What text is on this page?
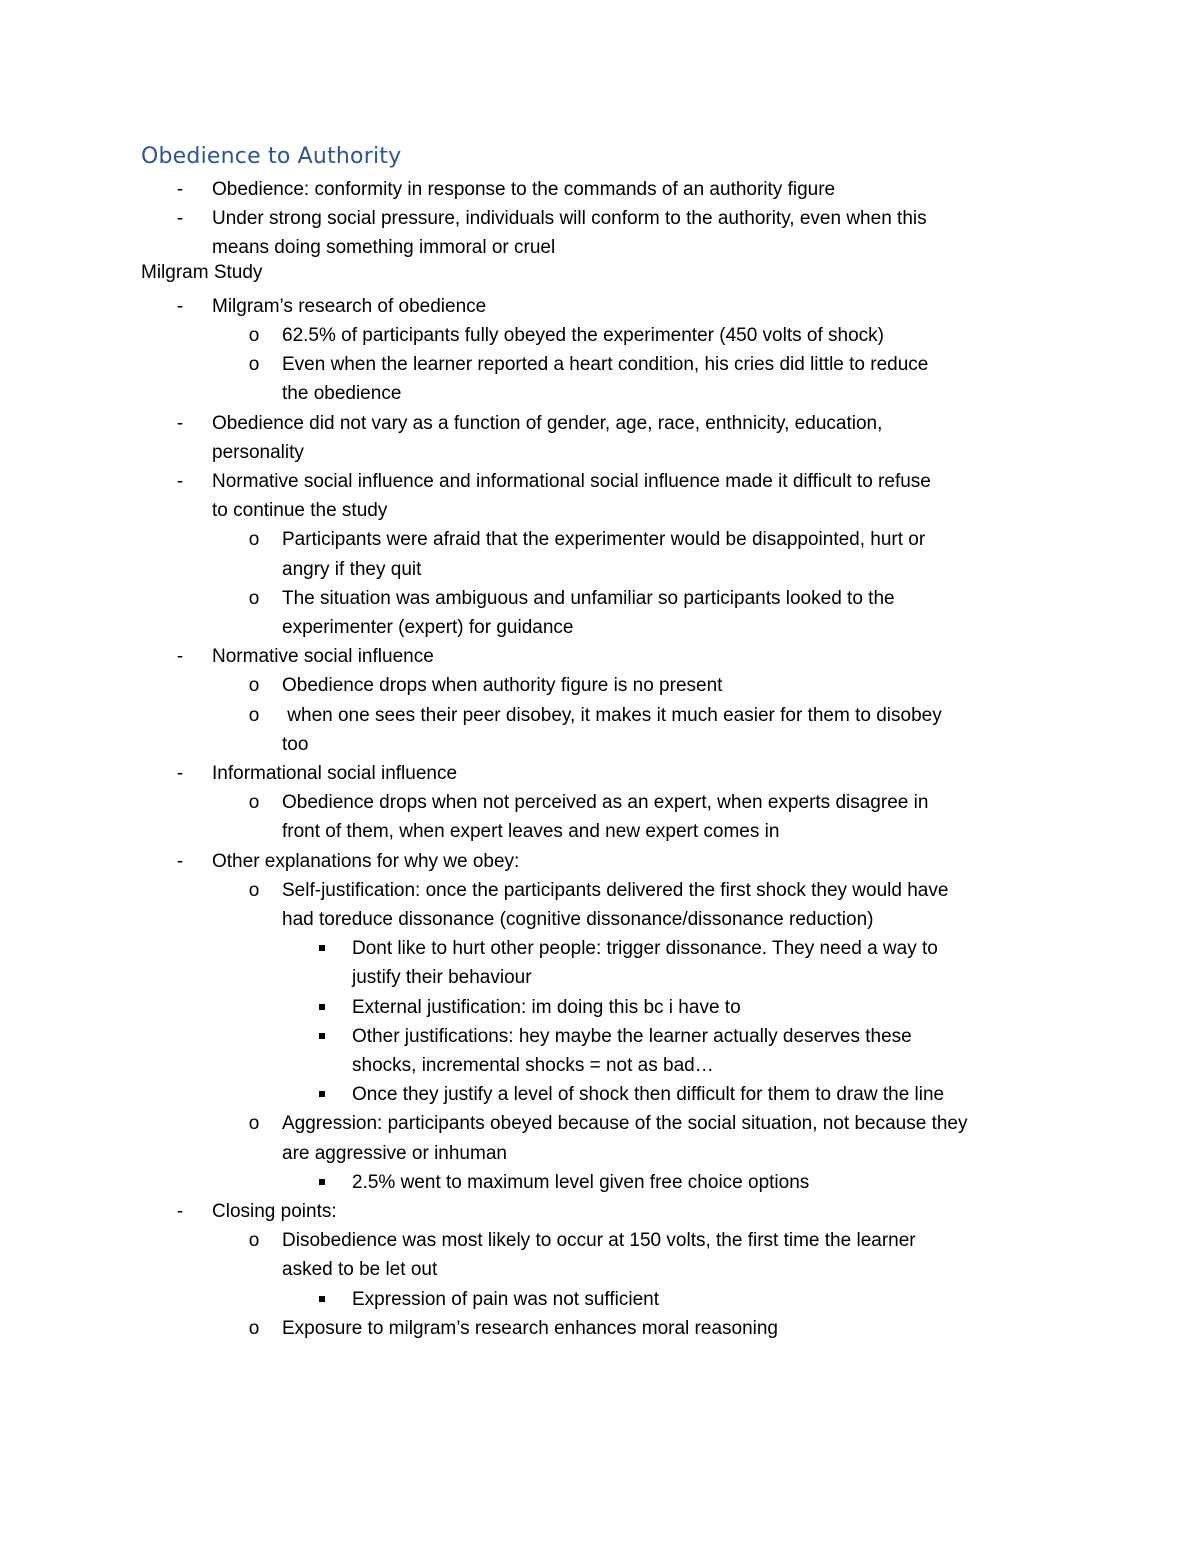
Obedience to Authority
Milgram Study
-	Obedience: conformity in response to the commands of an authority figure
-	Under strong social pressure, individuals will conform to the authority, even when this
means doing something immoral or cruel
-	Milgram’s research of obedience
o 62.5% of participants fully obeyed the experimenter (450 volts of shock)
o Even when the learner reported a heart condition, his cries did little to reduce
the obedience
-	Obedience did not vary as a function of gender, age, race, enthnicity, education,
personality
-	Normative social influence and informational social influence made it difficult to refuse
to continue the study
o Participants were afraid that the experimenter would be disappointed, hurt or
angry if they quit
o The situation was ambiguous and unfamiliar so participants looked to the
experimenter (expert) for guidance
-	Normative social influence
o Obedience drops when authority figure is no present
o when one sees their peer disobey, it makes it much easier for them to disobey
too
-	Informational social influence
o Obedience drops when not perceived as an expert, when experts disagree in
front of them, when expert leaves and new expert comes in
-	Other explanations for why we obey:
o Self-justification: once the participants delivered the first shock they would have
had toreduce dissonance (cognitive dissonance/dissonance reduction)
Dont like to hurt other people: trigger dissonance. They need a way to
justify their behaviour
External justification: im doing this bc i have to
Other justifications: hey maybe the learner actually deserves these
shocks, incremental shocks = not as bad…
Once they justify a level of shock then difficult for them to draw the line
o Aggression: participants obeyed because of the social situation, not because they
are aggressive or inhuman
2.5% went to maximum level given free choice options
-	Closing points:
o Disobedience was most likely to occur at 150 volts, the first time the learner
asked to be let out
Expression of pain was not sufficient
o Exposure to milgram’s research enhances moral reasoning
